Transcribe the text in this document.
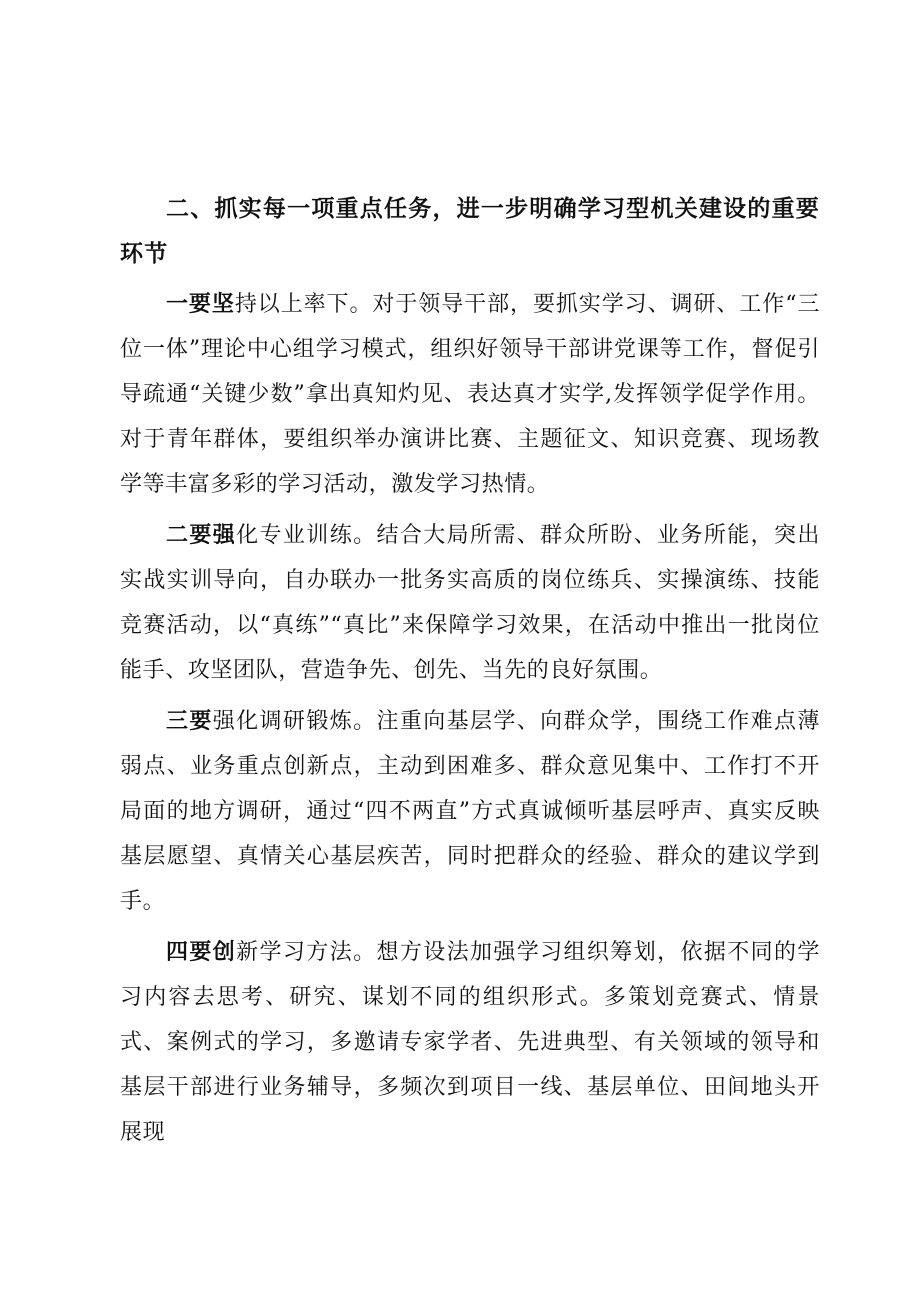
二、抓实每一项重点任务，进一步明确学习型机关建设的重要环节

一要坚持以上率下。对于领导干部，要抓实学习、调研、工作“三位一体”理论中心组学习模式，组织好领导干部讲党课等工作，督促引导疏通“关键少数”拿出真知灼见、表达真才实学,发挥领学促学作用。对于青年群体，要组织举办演讲比赛、主题征文、知识竞赛、现场教学等丰富多彩的学习活动，激发学习热情。

二要强化专业训练。结合大局所需、群众所盼、业务所能，突出实战实训导向，自办联办一批务实高质的岗位练兵、实操演练、技能竞赛活动，以“真练”“真比”来保障学习效果，在活动中推出一批岗位能手、攻坚团队，营造争先、创先、当先的良好氛围。

三要强化调研锻炼。注重向基层学、向群众学，围绕工作难点薄弱点、业务重点创新点，主动到困难多、群众意见集中、工作打不开局面的地方调研，通过“四不两直”方式真诚倾听基层呼声、真实反映基层愿望、真情关心基层疾苦，同时把群众的经验、群众的建议学到手。

四要创新学习方法。想方设法加强学习组织筹划，依据不同的学习内容去思考、研究、谋划不同的组织形式。多策划竞赛式、情景式、案例式的学习，多邀请专家学者、先进典型、有关领域的领导和基层干部进行业务辅导，多频次到项目一线、基层单位、田间地头开展现
